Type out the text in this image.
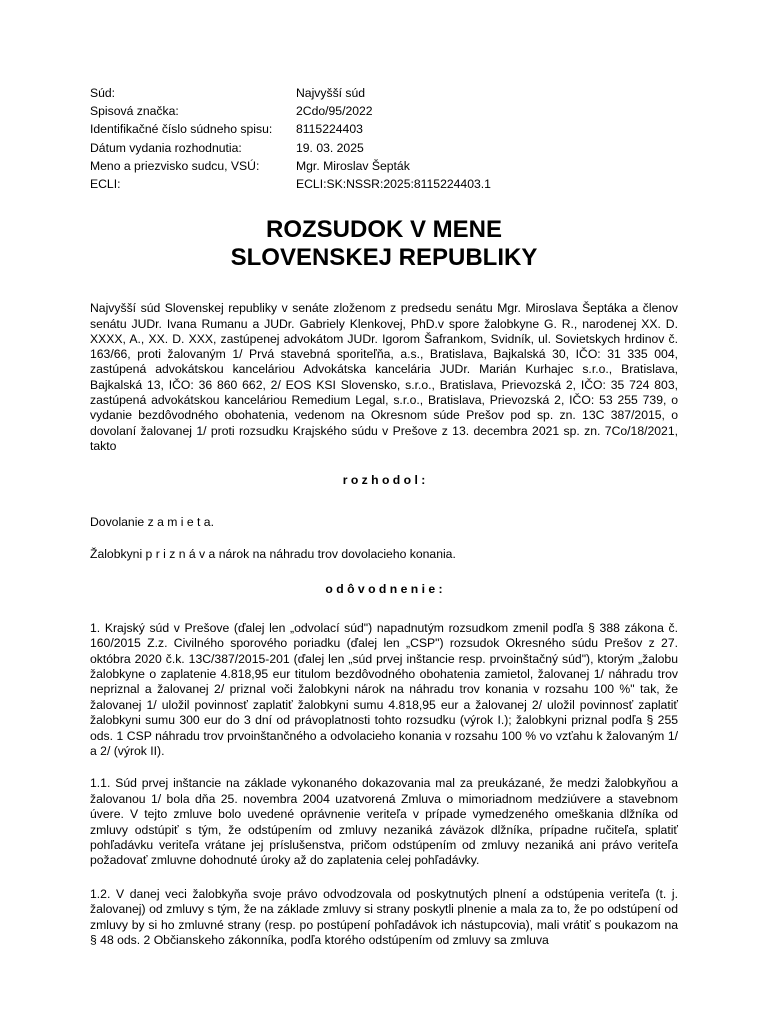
Súd:	Najvyšší súd
Spisová značka:	2Cdo/95/2022
Identifikačné číslo súdneho spisu:	8115224403
Dátum vydania rozhodnutia:	19. 03. 2025
Meno a priezvisko sudcu, VSÚ:	Mgr. Miroslav Šepták
ECLI:	ECLI:SK:NSSR:2025:8115224403.1
ROZSUDOK V MENE
SLOVENSKEJ REPUBLIKY

Najvyšší súd Slovenskej republiky v senáte zloženom z predsedu senátu Mgr. Miroslava Šeptáka a členov senátu JUDr. Ivana Rumanu a JUDr. Gabriely Klenkovej, PhD.v spore žalobkyne G. R., narodenej XX. D. XXXX, A., XX. D. XXX, zastúpenej advokátom JUDr. Igorom Šafrankom, Svidník, ul. Sovietskych hrdinov č. 163/66, proti žalovaným 1/ Prvá stavebná sporiteľňa, a.s., Bratislava, Bajkalská 30, IČO: 31 335 004, zastúpená advokátskou kanceláriou Advokátska kancelária JUDr. Marián Kurhajec s.r.o., Bratislava, Bajkalská 13, IČO: 36 860 662, 2/ EOS KSI Slovensko, s.r.o., Bratislava, Prievozská 2, IČO: 35 724 803, zastúpená advokátskou kanceláriou Remedium Legal, s.r.o., Bratislava, Prievozská 2, IČO: 53 255 739, o vydanie bezdôvodného obohatenia, vedenom na Okresnom súde Prešov pod sp. zn. 13C 387/2015, o dovolaní žalovanej 1/ proti rozsudku Krajského súdu v Prešove z 13. decembra 2021 sp. zn. 7Co/18/2021, takto

r o z h o d o l :

Dovolanie z a m i e t a.

Žalobkyni p r i z n á v a nárok na náhradu trov dovolacieho konania.

o d ô v o d n e n i e :

1. Krajský súd v Prešove (ďalej len „odvolací súd") napadnutým rozsudkom zmenil podľa § 388 zákona č. 160/2015 Z.z. Civilného sporového poriadku (ďalej len „CSP") rozsudok Okresného súdu Prešov z 27. októbra 2020 č.k. 13C/387/2015-201 (ďalej len „súd prvej inštancie resp. prvoinštačný súd"), ktorým „žalobu žalobkyne o zaplatenie 4.818,95 eur titulom bezdôvodného obohatenia zamietol, žalovanej 1/ náhradu trov nepriznal a žalovanej 2/ priznal voči žalobkyni nárok na náhradu trov konania v rozsahu 100 %" tak, že žalovanej 1/ uložil povinnosť zaplatiť žalobkyni sumu 4.818,95 eur a žalovanej 2/ uložil povinnosť zaplatiť žalobkyni sumu 300 eur do 3 dní od právoplatnosti tohto rozsudku (výrok I.); žalobkyni priznal podľa § 255 ods. 1 CSP náhradu trov prvoinštančného a odvolacieho konania v rozsahu 100 % vo vzťahu k žalovaným 1/ a 2/ (výrok II).

1.1. Súd prvej inštancie na základe vykonaného dokazovania mal za preukázané, že medzi žalobkyňou a žalovanou 1/ bola dňa 25. novembra 2004 uzatvorená Zmluva o mimoriadnom medziúvere a stavebnom úvere. V tejto zmluve bolo uvedené oprávnenie veriteľa v prípade vymedzeného omeškania dlžníka od zmluvy odstúpiť s tým, že odstúpením od zmluvy nezaniká záväzok dlžníka, prípadne ručiteľa, splatiť pohľadávku veriteľa vrátane jej príslušenstva, pričom odstúpením od zmluvy nezaniká ani právo veriteľa požadovať zmluvne dohodnuté úroky až do zaplatenia celej pohľadávky.

1.2. V danej veci žalobkyňa svoje právo odvodzovala od poskytnutých plnení a odstúpenia veriteľa (t. j. žalovanej) od zmluvy s tým, že na základe zmluvy si strany poskytli plnenie a mala za to, že po odstúpení od zmluvy by si ho zmluvné strany (resp. po postúpení pohľadávok ich nástupcovia), mali vrátiť s poukazom na § 48 ods. 2 Občianskeho zákonníka, podľa ktorého odstúpením od zmluvy sa zmluva
